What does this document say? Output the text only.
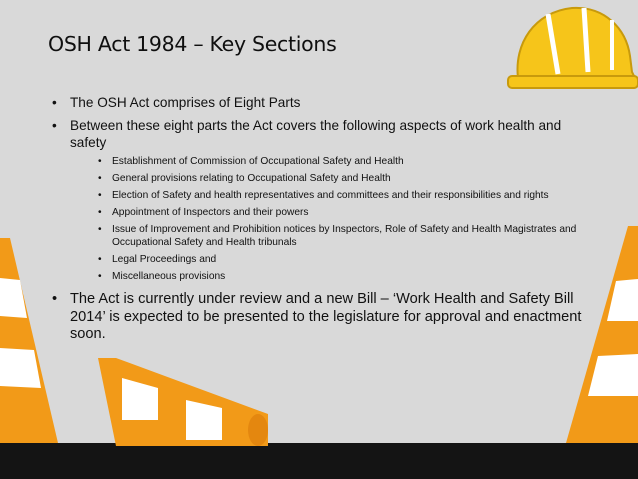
OSH Act 1984 – Key Sections
• The OSH Act comprises of Eight Parts
• Between these eight parts the Act covers the following aspects of work health and safety
• Establishment of Commission of Occupational Safety and Health
• General provisions relating to Occupational Safety and Health
• Election of Safety and health representatives and committees and their responsibilities and rights
• Appointment of Inspectors and their powers
• Issue of Improvement and Prohibition notices by Inspectors, Role of Safety and Health Magistrates and Occupational Safety and Health tribunals
• Legal Proceedings and
• Miscellaneous provisions
• The Act is currently under review and a new Bill – ‘Work Health and Safety Bill 2014’ is expected to be presented to the legislature for approval and enactment soon.
